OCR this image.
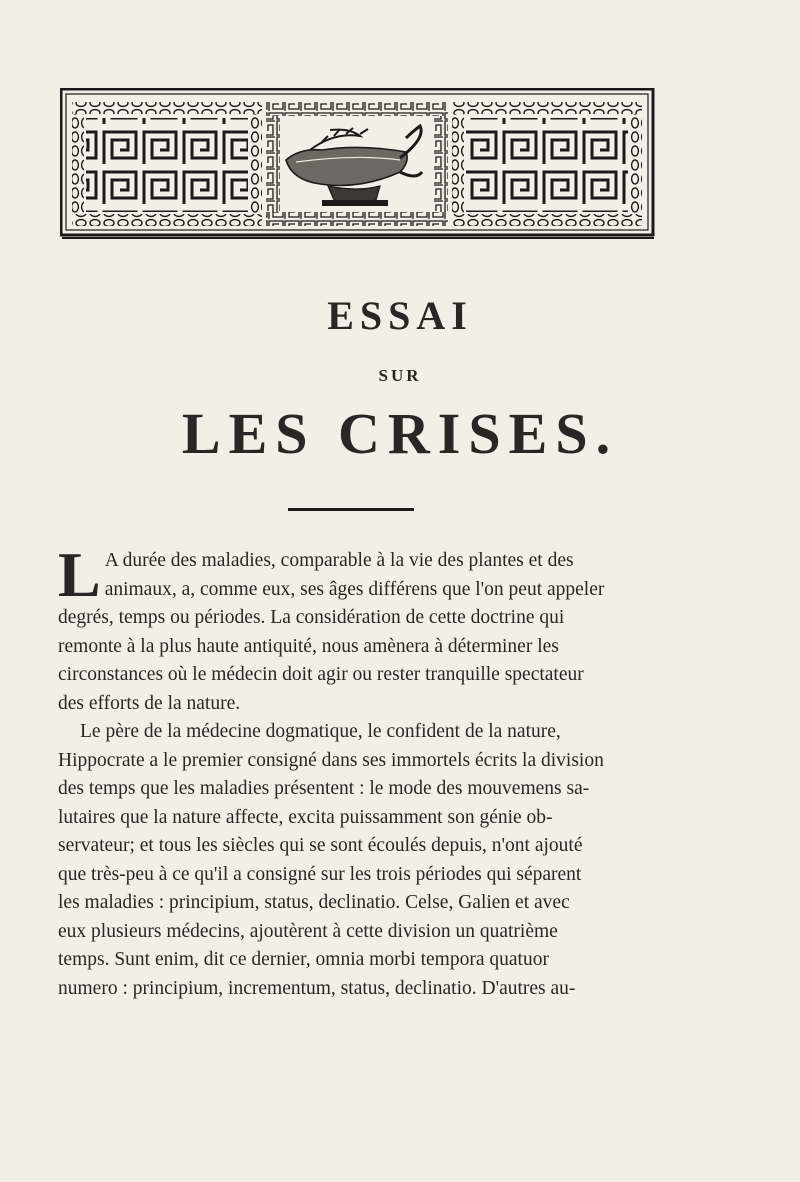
ESSAI
SUR
LES CRISES.
L A durée des maladies, comparable à la vie des plantes et des
animaux, a, comme eux, ses âges différens que l'on peut appeler
degrés, temps ou périodes. La considération de cette doctrine qui
remonte à la plus haute antiquité, nous amènera à déterminer les
circonstances où le médecin doit agir ou rester tranquille spectateur
des efforts de la nature.
Le père de la médecine dogmatique, le confident de la nature,
Hippocrate a le premier consigné dans ses immortels écrits la division
des temps que les maladies présentent : le mode des mouvemens sa-
lutaires que la nature affecte, excita puissamment son génie ob-
servateur; et tous les siècles qui se sont écoulés depuis, n'ont ajouté
que très-peu à ce qu'il a consigné sur les trois périodes qui séparent
les maladies : principium, status, declinatio. Celse, Galien et avec
eux plusieurs médecins, ajoutèrent à cette division un quatrième
temps. Sunt enim, dit ce dernier, omnia morbi tempora quatuor
numero : principium, incrementum, status, declinatio. D'autres au-
